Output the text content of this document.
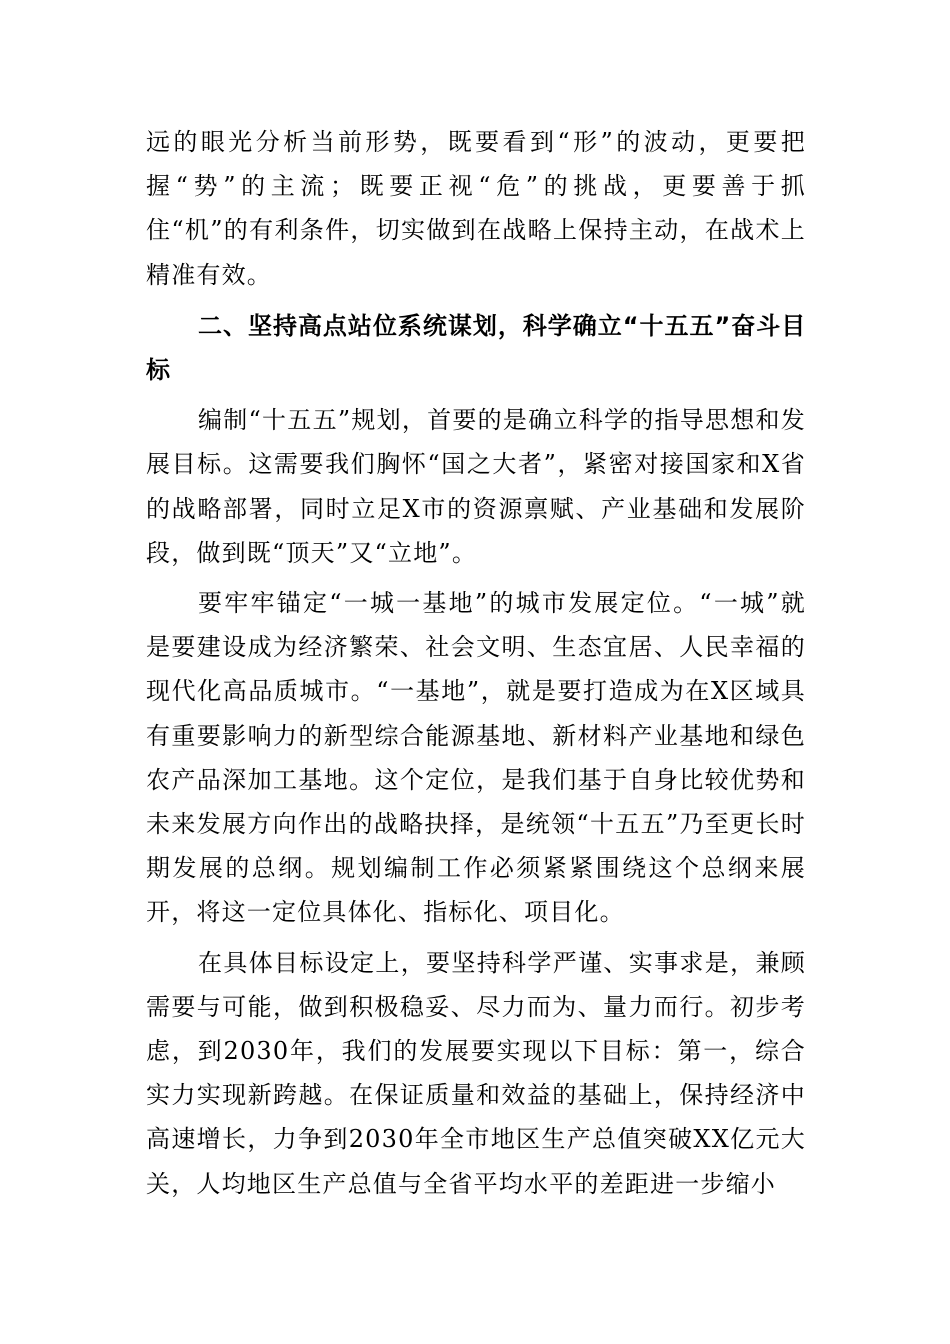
远的眼光分析当前形势，既要看到“形”的波动，更要把握“势”的主流；既要正视“危”的挑战，更要善于抓住“机”的有利条件，切实做到在战略上保持主动，在战术上精准有效。

二、坚持高点站位系统谋划，科学确立“十五五”奋斗目标

编制“十五五”规划，首要的是确立科学的指导思想和发展目标。这需要我们胸怀“国之大者”，紧密对接国家和X省的战略部署，同时立足X市的资源禀赋、产业基础和发展阶段，做到既“顶天”又“立地”。

要牢牢锚定“一城一基地”的城市发展定位。“一城”就是要建设成为经济繁荣、社会文明、生态宜居、人民幸福的现代化高品质城市。“一基地”，就是要打造成为在X区域具有重要影响力的新型综合能源基地、新材料产业基地和绿色农产品深加工基地。这个定位，是我们基于自身比较优势和未来发展方向作出的战略抉择，是统领“十五五”乃至更长时期发展的总纲。规划编制工作必须紧紧围绕这个总纲来展开，将这一定位具体化、指标化、项目化。

在具体目标设定上，要坚持科学严谨、实事求是，兼顾需要与可能，做到积极稳妥、尽力而为、量力而行。初步考虑，到2030年，我们的发展要实现以下目标：第一，综合实力实现新跨越。在保证质量和效益的基础上，保持经济中高速增长，力争到2030年全市地区生产总值突破XX亿元大关，人均地区生产总值与全省平均水平的差距进一步缩小
